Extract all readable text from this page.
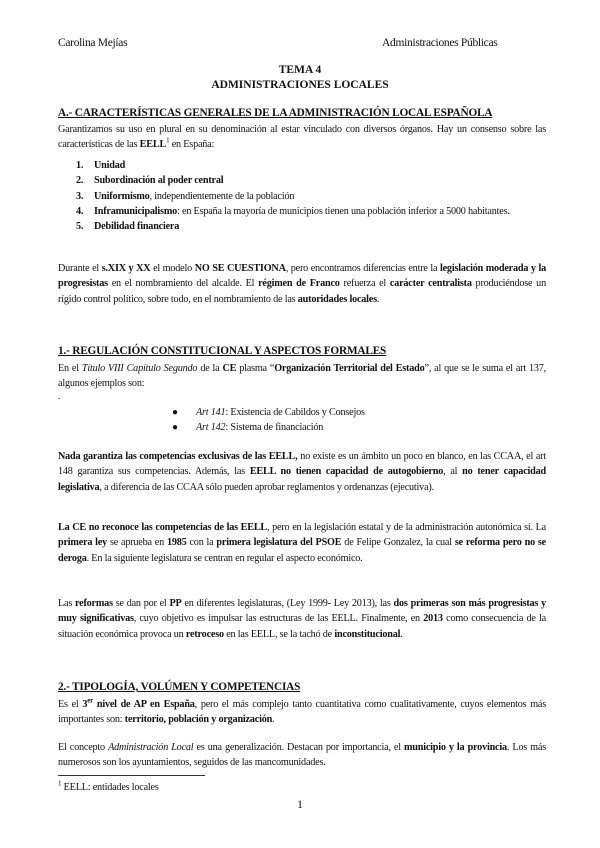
Carolina Mejías	Administraciones Públicas
TEMA 4
ADMINISTRACIONES LOCALES
A.- CARACTERÍSTICAS GENERALES DE LA ADMINISTRACIÓN LOCAL ESPAÑOLA
Garantizamos su uso en plural en su denominación al estar vinculado con diversos órganos. Hay un consenso sobre las características de las EELL$^1$ en España:
1. Unidad
2. Subordinación al poder central
3. Uniformismo, independientemente de la población
4. Inframunicipalismo: en España la mayoría de municipios tienen una población inferior a 5000 habitantes.
5. Debilidad financiera
Durante el s.XIX y XX el modelo NO SE CUESTIONA, pero encontramos diferencias entre la legislación moderada y la progresistas en el nombramiento del alcalde. El régimen de Franco refuerza el carácter centralista produciéndose un rígido control político, sobre todo, en el nombramiento de las autoridades locales.
1.- REGULACIÓN CONSTITUCIONAL Y ASPECTOS FORMALES
En el Título VIII Capítulo Segundo de la CE plasma “Organización Territorial del Estado”, al que se le suma el art 137, algunos ejemplos son:
.
● Art 141: Existencia de Cabildos y Consejos
● Art 142: Sistema de financiación
Nada garantiza las competencias exclusivas de las EELL, no existe es un ámbito un poco en blanco, en las CCAA, el art 148 garantiza sus competencias. Además, las EELL no tienen capacidad de autogobierno, al no tener capacidad legislativa, a diferencia de las CCAA sólo pueden aprobar reglamentos y ordenanzas (ejecutiva).
La CE no reconoce las competencias de las EELL, pero en la legislación estatal y de la administración autonómica sí. La primera ley se aprueba en 1985 con la primera legislatura del PSOE de Felipe Gonzalez, la cual se reforma pero no se deroga. En la siguiente legislatura se centran en regular el aspecto económico.
Las reformas se dan por el PP en diferentes legislaturas, (Ley 1999- Ley 2013), las dos primeras son más progresistas y muy significativas, cuyo objetivo es impulsar las estructuras de las EELL. Finalmente, en 2013 como consecuencia de la situación económica provoca un retroceso en las EELL, se la tachó de inconstitucional.
2.- TIPOLOGÍA, VOLÚMEN Y COMPETENCIAS
Es el 3er nivel de AP en España, pero el más complejo tanto cuantitativa como cualitativamente, cuyos elementos más importantes son: territorio, población y organización.
El concepto Administración Local es una generalización. Destacan por importancia, el municipio y la provincia. Los más numerosos son los ayuntamientos, seguidos de las mancomunidades.
$^1$ EELL: entidades locales
1
